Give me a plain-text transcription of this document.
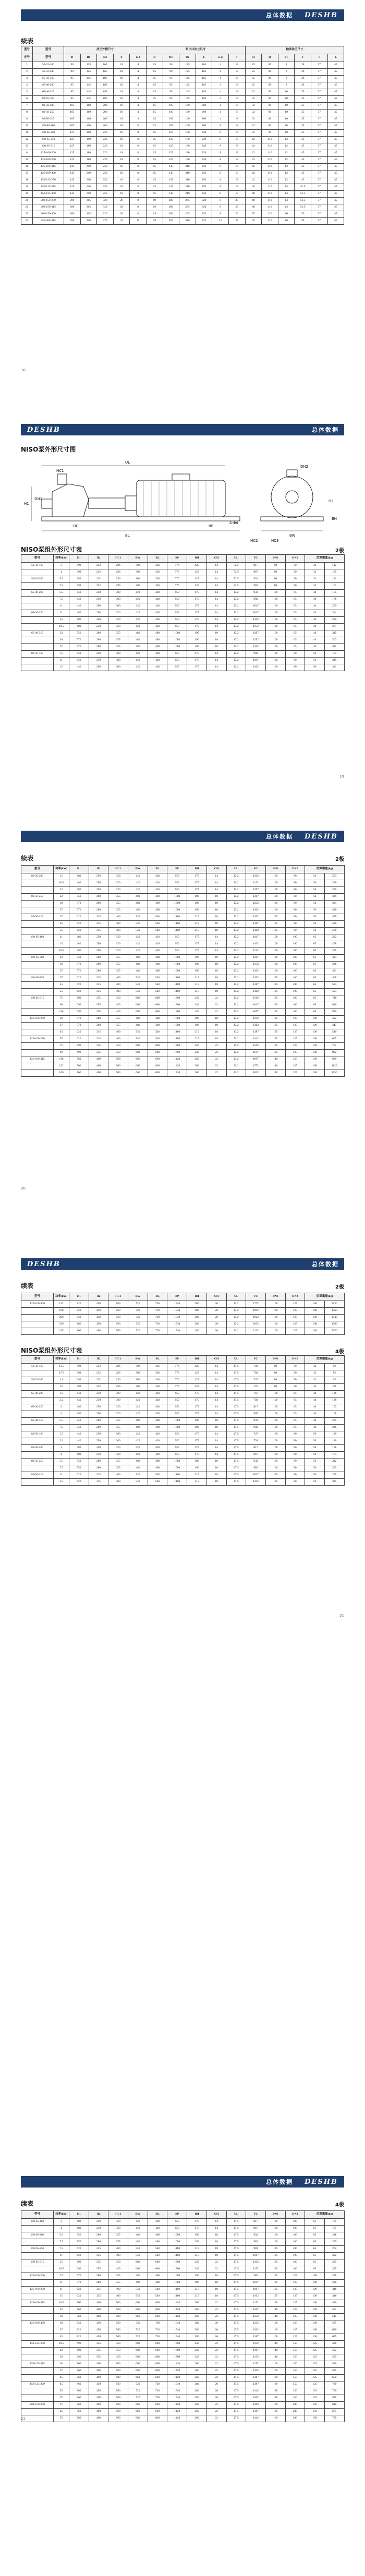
总体数据	DESHB
续表
型号	型号	法兰外接尺寸					泵出口法兰尺寸						轴承法兰尺寸					
序号	型号	D	D1	D2	b	n-d	D	D1	D2	b	n-d	f	d1	l1	b1	t	c	L
1	50-32-160	90	125	165	18	4	15	90	125	165	4	18	25	80	8	28	37	45
2	50-32-200	90	125	165	18	4	15	90	125	165	4	18	25	80	8	28	37	45
3	65-50-160	95	145	185	18	4	15	95	145	185	4	18	25	80	8	28	37	45
4	65-40-200	95	145	185	18	4	15	95	145	185	4	18	25	80	8	28	37	45
5	65-40-315	95	145	185	18	4	15	95	145	185	4	18	32	80	10	35	37	45
6	80-65-160	95	145	185	18	4	15	95	145	185	4	18	32	80	10	35	37	45
7	80-50-200	105	160	200	18	4	15	105	160	200	4	18	32	80	10	35	37	45
8	80-50-250	105	160	200	18	4	15	105	160	200	4	18	32	80	10	35	37	45
9	80-50-315	105	160	200	18	4	15	105	160	200	4	18	32	80	10	35	37	45
10	100-80-160	105	160	200	18	8	15	105	160	200	8	18	32	80	10	35	37	45
11	100-65-200	125	180	220	18	8	15	125	180	220	8	18	32	80	10	35	37	45
12	100-65-250	125	180	220	18	8	15	125	180	220	8	18	42	110	12	45	37	45
13	100-65-315	125	180	220	18	8	15	125	180	220	8	18	42	110	12	45	37	45
14	125-100-200	125	180	220	18	8	15	125	180	220	8	18	42	110	12	45	37	45
15	125-100-250	125	180	220	18	8	15	125	180	220	8	18	42	110	12	45	37	45
16	125-100-315	145	210	250	18	8	15	145	210	250	8	18	42	110	12	45	37	45
17	125-100-400	145	210	250	18	8	15	145	210	250	8	18	42	110	12	45	37	45
18	150-125-250	145	210	250	18	8	15	145	210	250	8	18	42	110	12	45	37	45
19	150-125-315	145	210	250	18	8	15	145	210	250	8	18	48	110	14	51.5	37	45
20	150-125-400	145	210	250	18	8	15	145	210	250	8	18	48	110	14	51.5	37	45
21	200-150-250	200	265	320	20	8	19	200	265	320	8	20	48	110	14	51.5	37	45
22	200-150-315	200	265	320	20	8	19	200	265	320	8	20	48	110	14	51.5	37	45
23	200-150-400	200	265	320	20	8	19	200	265	320	8	20	55	110	16	59	37	45
24	250-200-315	250	320	375	22	12	19	250	320	375	12	22	55	110	16	59	37	45
18
DESHB	总体数据
NISO泵外形尺寸图
UL
BL
H1
DN1
HC1
HC	BP
4-Φd
BW
DN2
H2
BH
HC2	HC3
NISO泵组外形尺寸表	2极
型号	功率(kW)	H1	H2	HC1	BW	BL	BP	BH	OH	UL	FC	DN1	DN2	估算重量(kg)	
50-32-160	3	392	232	296	300	336	776	125	14	72.5	817	80	50	32	112
	4	392	232	296	300	336	776	125	14	72.5	867	80	50	32	125
50-32-200	5.5	392	232	296	300	336	776	125	14	72.5	932	80	50	32	142
	7.5	392	232	296	300	336	776	125	14	72.5	982	80	50	32	161
65-40-200	5.5	440	250	300	420	420	950	175	14	13.2	932	100	65	40	155
	7.5	440	250	300	420	420	950	175	14	13.2	982	100	65	40	176
	11	440	250	300	420	420	950	175	14	13.2	1047	100	65	40	209
65-40-250	11	480	250	320	420	420	950	175	14	13.2	1047	100	65	40	224
	15	480	250	320	420	420	950	175	14	13.2	1102	100	65	40	250
	18.5	480	250	320	420	420	950	175	14	13.2	1152	100	65	40	277
65-40-315	22	550	280	355	480	480	1080	190	18	13.2	1207	100	65	40	315
	30	570	280	355	480	480	1080	190	18	13.2	1252	100	65	40	367
	37	570	280	355	480	480	1080	190	18	13.2	1302	100	65	40	412
80-50-160	7.5	440	250	300	420	420	950	175	14	13.2	982	100	80	50	183
	11	440	250	300	420	420	950	175	14	13.2	1047	100	80	50	215
	15	440	250	300	420	420	950	175	14	13.2	1102	100	80	50	241
19
总体数据	DESHB
续表	2极
型号	功率(kW)	H1	H2	HC1	BW	BL	BP	BH	OH	UL	FC	DN1	DN2	估算重量(kg)	
80-50-200	15	480	250	320	420	420	950	175	14	13.2	1102	100	80	50	253
	18.5	480	250	320	420	420	950	175	14	13.2	1152	100	80	50	280
	22	480	250	320	420	420	950	175	14	13.2	1207	100	80	50	306
80-50-250	22	550	280	355	480	480	1080	190	18	13.2	1207	100	80	50	329
	30	570	280	355	480	480	1080	190	18	13.2	1252	100	80	50	381
	37	570	280	355	480	480	1080	190	18	13.2	1302	100	80	50	426
80-50-315	37	620	315	400	540	540	1180	215	18	13.2	1302	125	80	50	455
	45	620	315	400	540	540	1180	215	18	13.2	1387	125	80	50	520
	55	620	315	400	540	540	1180	215	18	13.2	1442	125	80	50	580
100-65-160	11	480	250	320	420	420	950	175	14	13.2	1047	100	100	65	232
	15	480	250	320	420	420	950	175	14	13.2	1102	100	100	65	258
	18.5	480	250	320	420	420	950	175	14	13.2	1152	100	100	65	285
100-65-200	22	550	280	355	480	480	1080	190	18	13.2	1207	100	100	65	334
	30	570	280	355	480	480	1080	190	18	13.2	1252	100	100	65	386
	37	570	280	355	480	480	1080	190	18	13.2	1302	100	100	65	431
100-65-250	37	620	315	400	540	540	1180	215	18	13.2	1302	125	100	65	468
	45	620	315	400	540	540	1180	215	18	13.2	1387	125	100	65	533
	55	620	315	400	540	540	1180	215	18	13.2	1442	125	100	65	593
100-65-315	75	690	355	450	600	600	1300	240	22	13.2	1562	125	100	65	740
	90	690	355	450	600	600	1300	240	22	13.2	1617	125	100	65	820
	110	690	355	450	600	600	1300	240	22	13.2	1697	125	100	65	950
125-100-200	30	570	280	355	480	480	1080	190	18	13.2	1252	125	125	100	402
	37	570	280	355	480	480	1080	190	18	13.2	1302	125	125	100	447
	45	620	315	400	540	540	1180	215	18	13.2	1387	125	125	100	510
125-100-250	55	620	315	400	540	540	1180	215	18	13.2	1442	125	125	100	605
	75	690	355	450	600	600	1300	240	22	13.2	1562	125	125	100	752
	90	690	355	450	600	600	1300	240	22	13.2	1617	125	125	100	832
125-100-315	110	760	400	500	660	660	1420	260	22	13.2	1697	140	125	100	990
	132	760	400	500	660	660	1420	260	22	13.2	1772	140	125	100	1120
	160	760	400	500	660	660	1420	260	22	13.2	1832	140	125	100	1250
20
DESHB	总体数据
续表	2极
型号	功率(kW)	H1	H2	HC1	BW	BL	BP	BH	OH	UL	FC	DN1	DN2	估算重量(kg)	
125-100-400	132	820	450	560	720	720	1540	280	26	13.2	1772	160	125	100	1230
	160	820	450	560	720	720	1540	280	26	13.2	1832	160	125	100	1360
	200	820	450	560	720	720	1540	280	26	13.2	1922	160	125	100	1540
	250	860	450	560	720	720	1540	280	26	13.2	2052	160	125	100	1780
	315	860	450	560	720	720	1540	280	26	13.2	2132	160	125	100	2050
NISO泵组外形尺寸表	4极
型号	功率(kW)	H1	H2	HC1	BW	BL	BP	BH	OH	UL	FC	DN1	DN2	估算重量(kg)	
50-32-160	0.55	392	232	296	300	336	776	125	14	47.5	702	80	50	32	82
	0.75	392	232	296	300	336	776	125	14	47.5	702	80	50	32	85
50-32-200	1.1	392	232	296	300	336	776	125	14	47.5	747	80	50	32	95
	1.5	392	232	296	300	336	776	125	14	47.5	747	80	50	32	99
65-40-200	1.5	440	250	300	420	420	950	175	14	47.5	747	100	65	40	126
	2.2	440	250	300	420	420	950	175	14	47.5	792	100	65	40	136
65-40-250	3	480	250	320	420	420	950	175	14	47.5	817	100	65	40	152
	4	480	250	320	420	420	950	175	14	47.5	867	100	65	40	168
65-40-315	5.5	550	280	355	480	480	1080	190	18	47.5	932	100	65	40	205
	7.5	550	280	355	480	480	1080	190	18	47.5	982	100	65	40	226
80-50-160	1.5	440	250	300	420	420	950	175	14	47.5	747	100	80	50	130
	2.2	440	250	300	420	420	950	175	14	47.5	792	100	80	50	140
80-50-200	3	480	250	320	420	420	950	175	14	47.5	817	100	80	50	158
	4	480	250	320	420	420	950	175	14	47.5	867	100	80	50	174
80-50-250	5.5	550	280	355	480	480	1080	190	18	47.5	932	100	80	50	212
	7.5	550	280	355	480	480	1080	190	18	47.5	982	100	80	50	233
80-50-315	11	620	315	400	540	540	1180	215	18	47.5	1047	125	80	50	295
	15	620	315	400	540	540	1180	215	18	47.5	1102	125	80	50	325
21
总体数据	DESHB
续表	4极
型号	功率(kW)	H1	H2	HC1	BW	BL	BP	BH	OH	UL	FC	DN1	DN2	估算重量(kg)	
100-65-160	3	480	250	320	420	420	950	175	14	47.5	817	100	100	65	165
	4	480	250	320	420	420	950	175	14	47.5	867	100	100	65	181
100-65-200	5.5	550	280	355	480	480	1080	190	18	47.5	932	100	100	65	218
	7.5	550	280	355	480	480	1080	190	18	47.5	982	100	100	65	239
100-65-250	7.5	620	315	400	540	540	1180	215	18	47.5	982	125	100	65	262
	11	620	315	400	540	540	1180	215	18	47.5	1047	125	100	65	302
100-65-315	15	690	355	450	600	600	1300	240	22	47.5	1102	125	100	65	365
	18.5	690	355	450	600	600	1300	240	22	47.5	1152	125	100	65	395
125-100-200	7.5	570	280	355	480	480	1080	190	18	47.5	982	125	125	100	258
	11	570	280	355	480	480	1080	190	18	47.5	1047	125	125	100	298
125-100-250	11	620	315	400	540	540	1180	215	18	47.5	1047	125	125	100	316
	15	620	315	400	540	540	1180	215	18	47.5	1102	125	125	100	346
125-100-315	18.5	760	400	500	660	660	1420	260	22	47.5	1152	140	125	100	430
	22	760	400	500	660	660	1420	260	22	47.5	1207	140	125	100	462
	30	760	400	500	660	660	1420	260	22	47.5	1252	140	125	100	515
125-100-400	30	820	450	560	720	720	1540	280	26	47.5	1252	160	125	100	585
	37	820	450	560	720	720	1540	280	26	47.5	1302	160	125	100	630
	45	820	450	560	720	720	1540	280	26	47.5	1387	160	125	100	695
150-125-250	18.5	690	355	450	600	600	1300	240	22	47.5	1152	140	150	125	420
	22	690	355	450	600	600	1300	240	22	47.5	1207	140	150	125	452
	30	690	355	450	600	600	1300	240	22	47.5	1252	140	150	125	505
150-125-315	30	760	400	500	660	660	1420	260	22	47.5	1252	160	150	125	540
	37	760	400	500	660	660	1420	260	22	47.5	1302	160	150	125	585
	45	760	400	500	660	660	1420	260	22	47.5	1387	160	150	125	650
150-125-400	45	860	450	560	720	720	1540	280	26	47.5	1387	180	150	125	730
	55	860	450	560	720	720	1540	280	26	47.5	1442	180	150	125	790
	75	860	450	560	720	720	1540	280	26	47.5	1562	180	150	125	935
200-150-250	37	760	400	500	660	660	1420	260	22	47.5	1302	160	200	150	610
	45	760	400	500	660	660	1420	260	22	47.5	1387	160	200	150	675
	55	760	400	500	660	660	1420	260	22	47.5	1442	160	200	150	735
22
